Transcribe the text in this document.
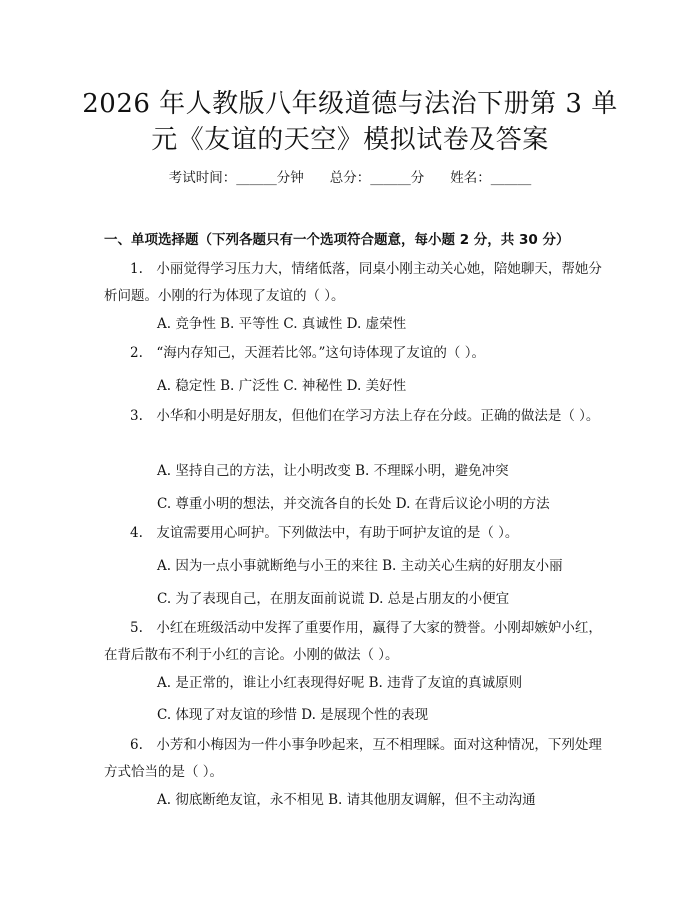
2026 年人教版八年级道德与法治下册第 3 单
元《友谊的天空》模拟试卷及答案
考试时间：______分钟 总分：______分 姓名：______
一、单项选择题（下列各题只有一个选项符合题意，每小题 2 分，共 30 分）

1.　小丽觉得学习压力大，情绪低落，同桌小刚主动关心她，陪她聊天，帮她分析问题。小刚的行为体现了友谊的（ ）。

A. 竞争性 B. 平等性 C. 真诚性 D. 虚荣性

2.　“海内存知己，天涯若比邻。”这句诗体现了友谊的（ ）。

A. 稳定性 B. 广泛性 C. 神秘性 D. 美好性

3.　小华和小明是好朋友，但他们在学习方法上存在分歧。正确的做法是（ ）。

A. 坚持自己的方法，让小明改变 B. 不理睬小明，避免冲突
C. 尊重小明的想法，并交流各自的长处 D. 在背后议论小明的方法

4.　友谊需要用心呵护。下列做法中，有助于呵护友谊的是（ ）。

A. 因为一点小事就断绝与小王的来往 B. 主动关心生病的好朋友小丽
C. 为了表现自己，在朋友面前说谎 D. 总是占朋友的小便宜

5.　小红在班级活动中发挥了重要作用，赢得了大家的赞誉。小刚却嫉妒小红，在背后散布不利于小红的言论。小刚的做法（ ）。

A. 是正常的，谁让小红表现得好呢 B. 违背了友谊的真诚原则
C. 体现了对友谊的珍惜 D. 是展现个性的表现

6.　小芳和小梅因为一件小事争吵起来，互不相理睬。面对这种情况，下列处理方式恰当的是（ ）。

A. 彻底断绝友谊，永不相见 B. 请其他朋友调解，但不主动沟通
